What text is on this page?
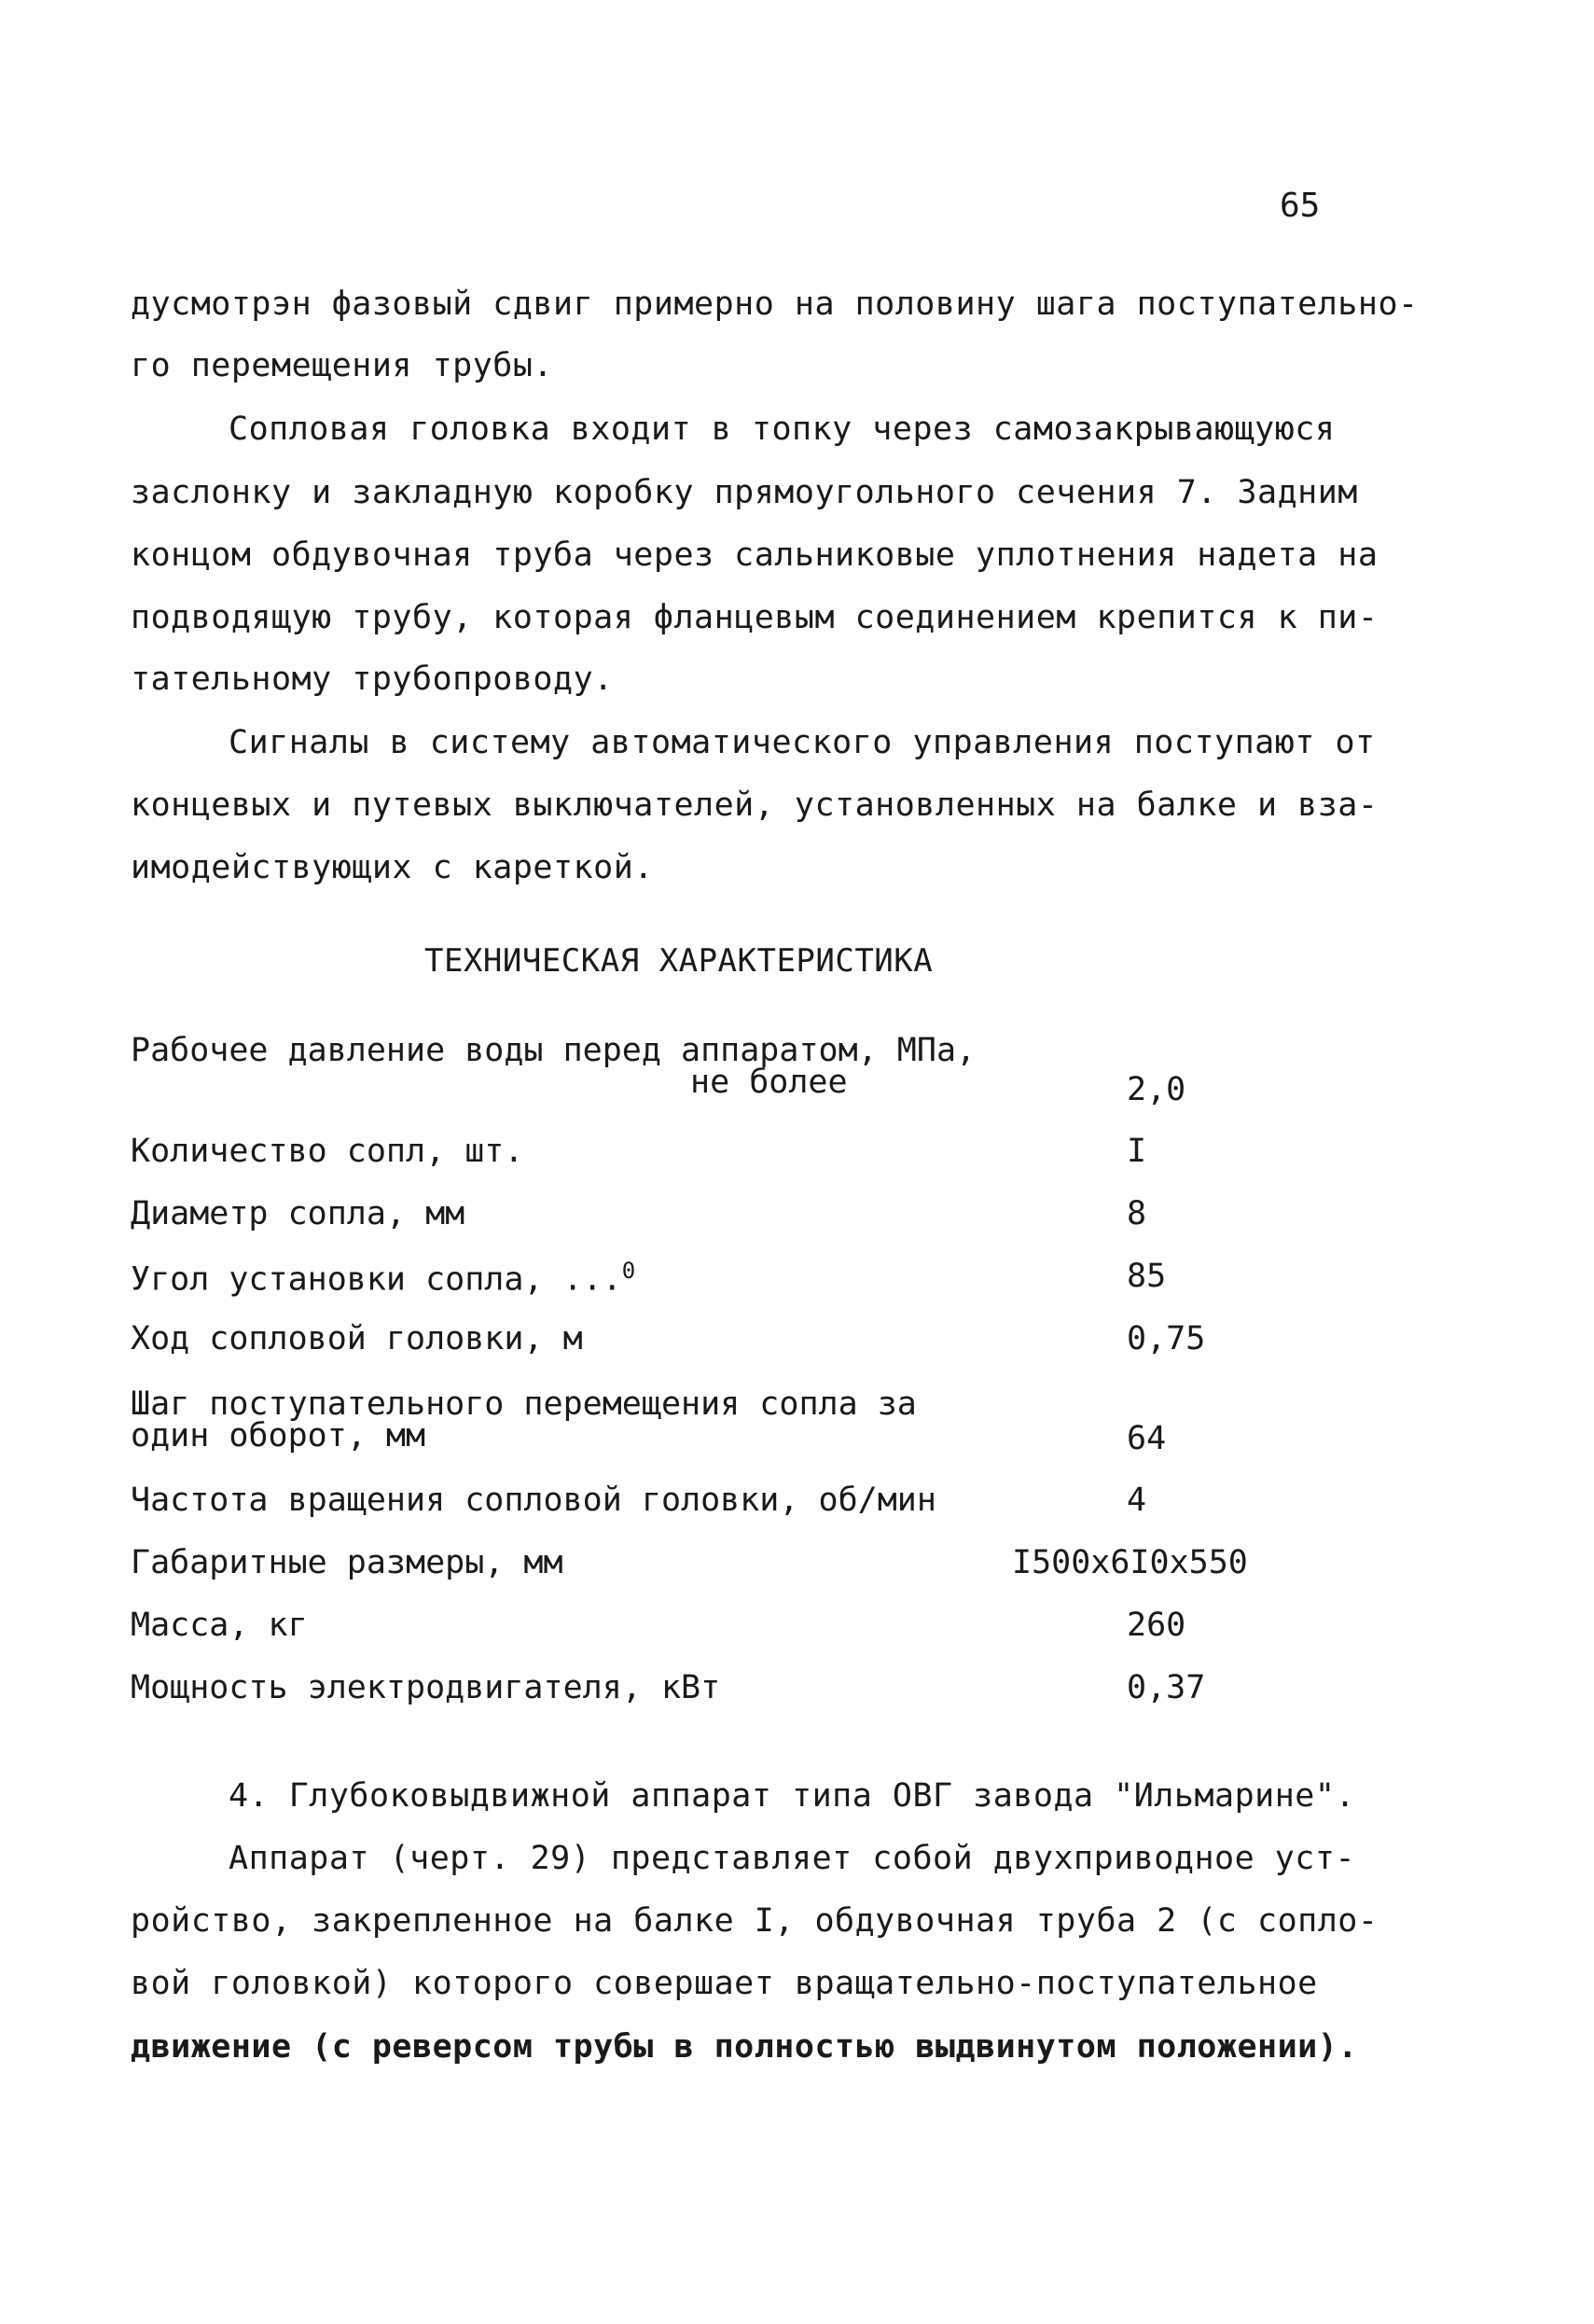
65
дусмотрэн фазовый сдвиг примерно на половину шага поступательно-
го перемещения трубы.
Сопловая головка входит в топку через самозакрывающуюся
заслонку и закладную коробку прямоугольного сечения 7. Задним
концом обдувочная труба через сальниковые уплотнения надета на
подводящую трубу, которая фланцевым соединением крепится к пи-
тательному трубопроводу.
Сигналы в систему автоматического управления поступают от
концевых и путевых выключателей, установленных на балке и вза-
имодействующих с кареткой.
ТЕХНИЧЕСКАЯ ХАРАКТЕРИСТИКА
Рабочее давление воды перед аппаратом, МПа,
не более	2,0
Количество сопл, шт.	I
Диаметр сопла, мм	8
Угол установки сопла, ...$^0$	85
Ход сопловой головки, м	0,75
Шаг поступательного перемещения сопла за
один оборот, мм	64
Частота вращения сопловой головки, об/мин	4
Габаритные размеры, мм	I500x6I0x550
Масса, кг	260
Мощность электродвигателя, кВт	0,37
4. Глубоковыдвижной аппарат типа ОВГ завода "Ильмарине".
Аппарат (черт. 29) представляет собой двухприводное уст-
ройство, закрепленное на балке I, обдувочная труба 2 (с сопло-
вой головкой) которого совершает вращательно-поступательное
движение (с реверсом трубы в полностью выдвинутом положении).
